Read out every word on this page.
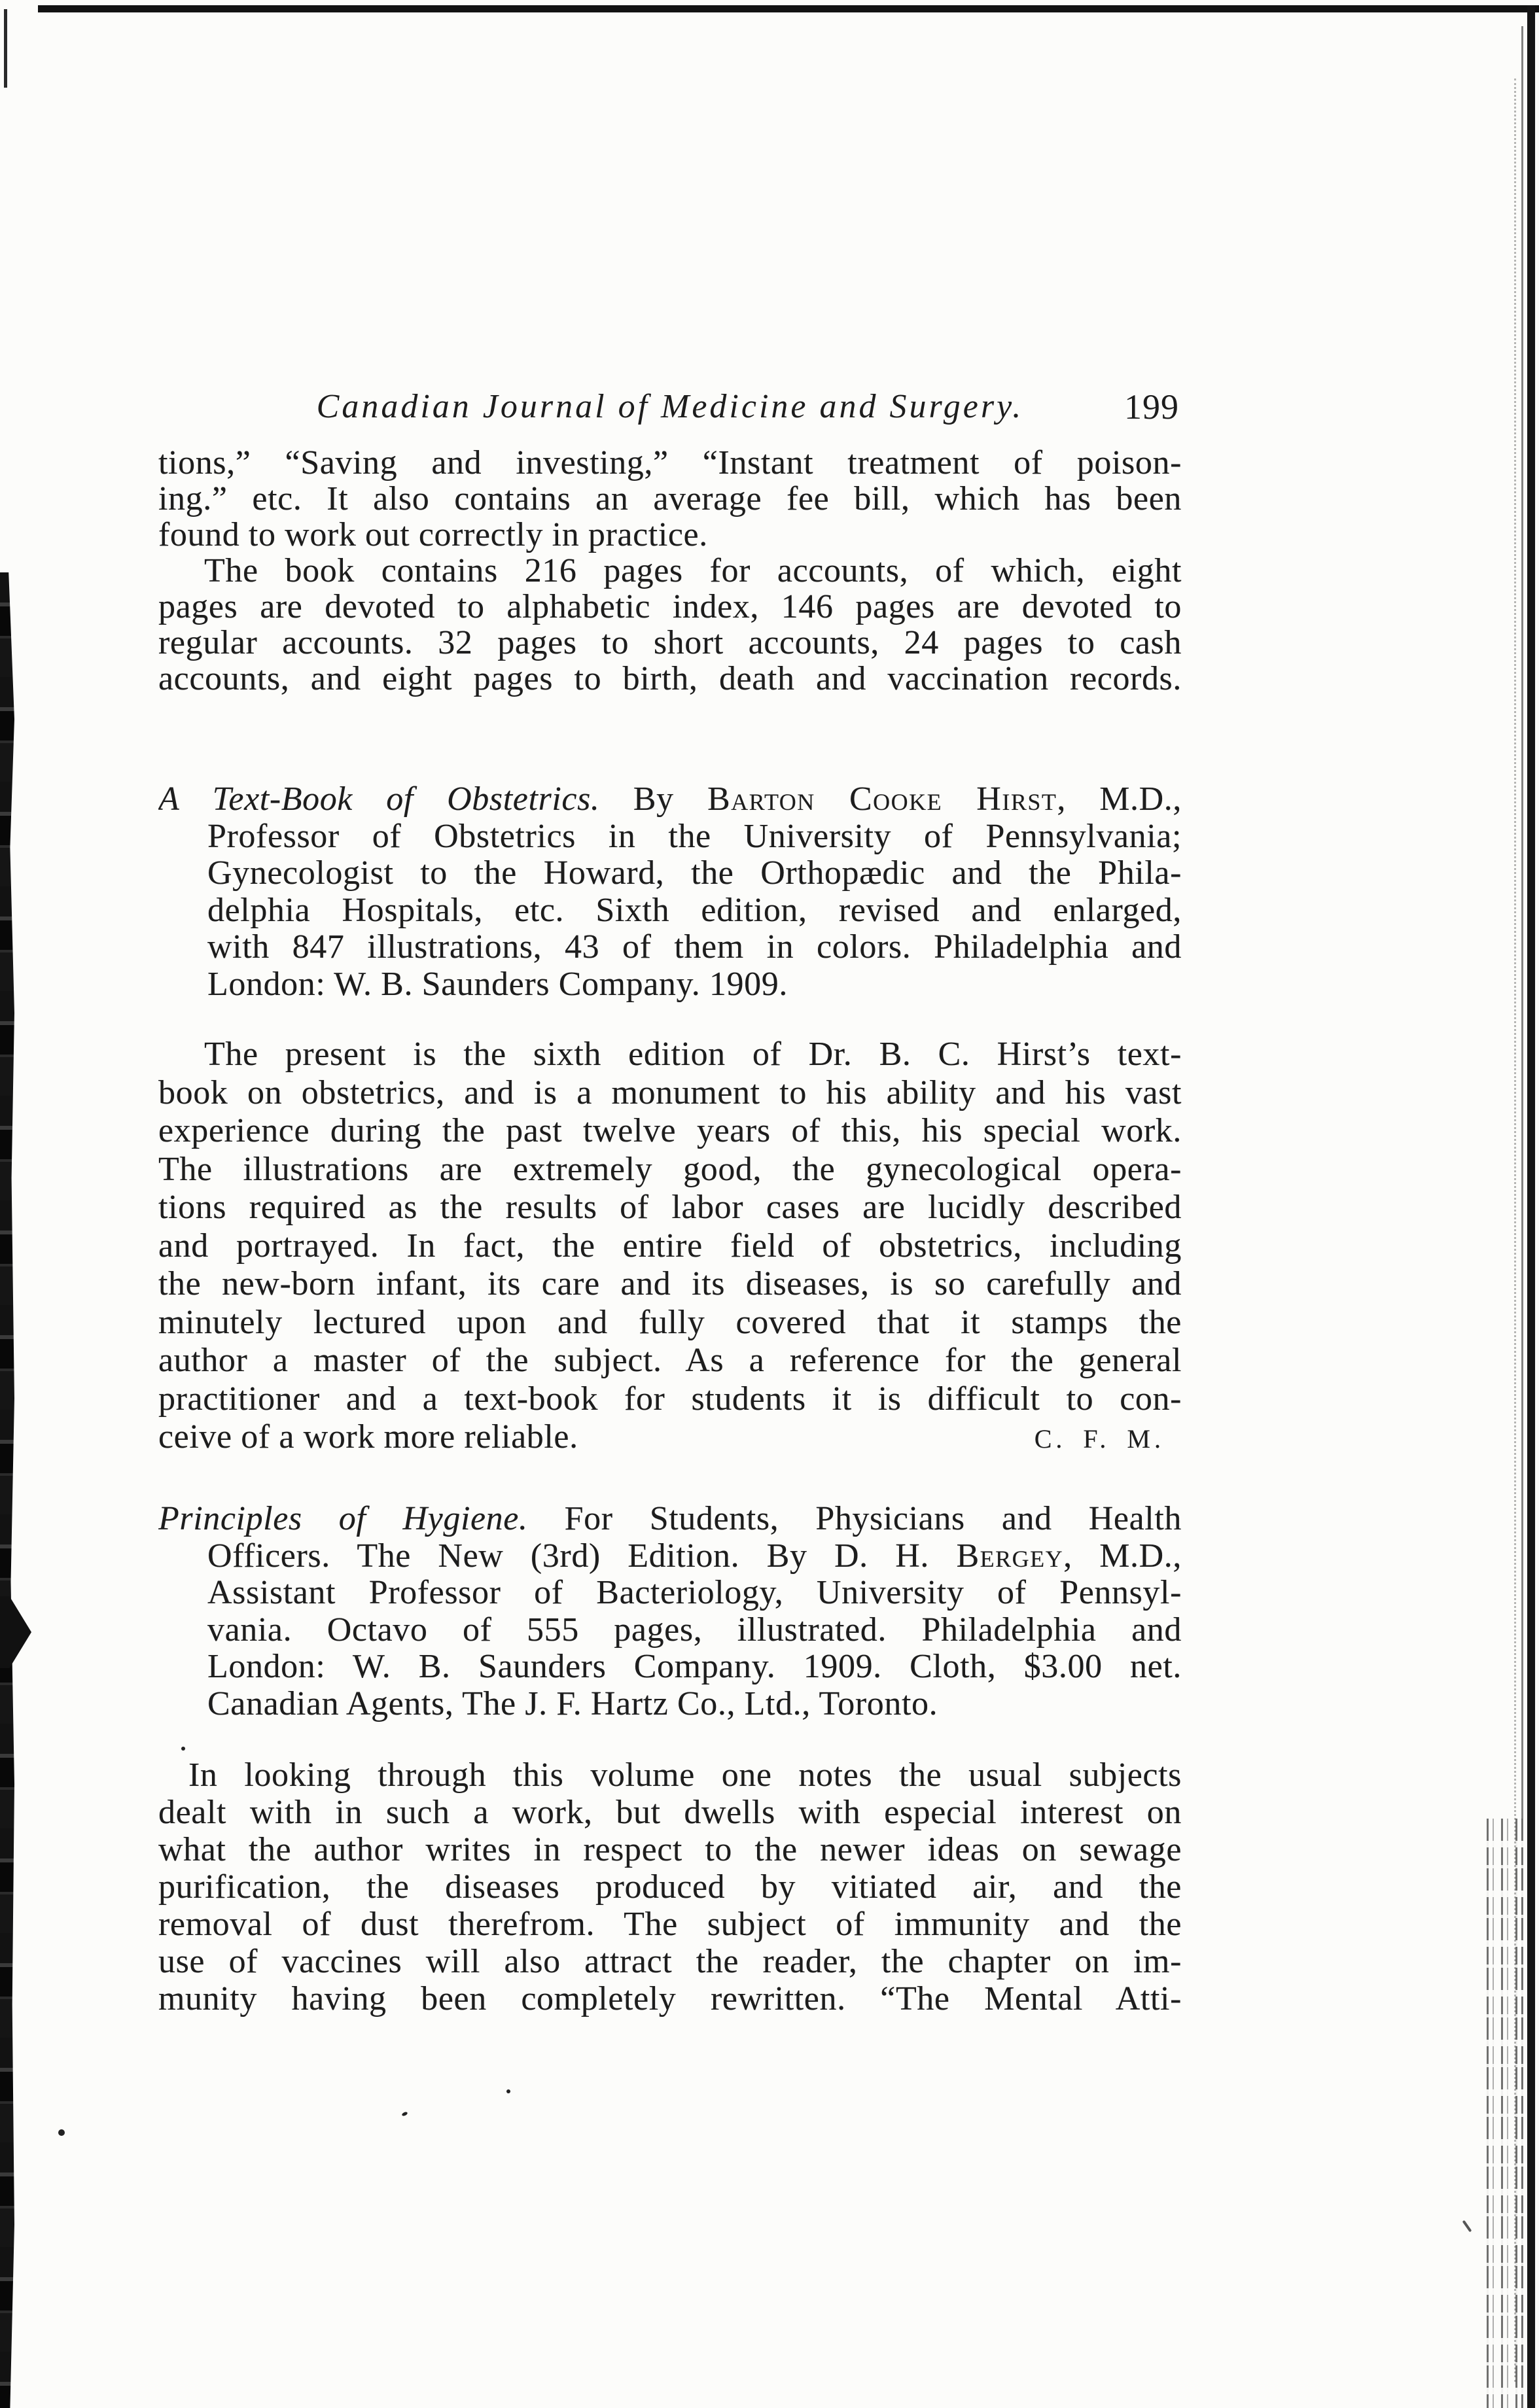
Canadian Journal of Medicine and Surgery.	199
tions,” “Saving and investing,” “Instant treatment of poison-
ing.” etc. It also contains an average fee bill, which has been
found to work out correctly in practice.
The book contains 216 pages for accounts, of which, eight
pages are devoted to alphabetic index, 146 pages are devoted to
regular accounts. 32 pages to short accounts, 24 pages to cash
accounts, and eight pages to birth, death and vaccination records.
A Text-Book of Obstetrics. By Barton Cooke Hirst, M.D.,
Professor of Obstetrics in the University of Pennsylvania;
Gynecologist to the Howard, the Orthopædic and the Phila-
delphia Hospitals, etc. Sixth edition, revised and enlarged,
with 847 illustrations, 43 of them in colors. Philadelphia and
London: W. B. Saunders Company. 1909.
The present is the sixth edition of Dr. B. C. Hirst’s text-
book on obstetrics, and is a monument to his ability and his vast
experience during the past twelve years of this, his special work.
The illustrations are extremely good, the gynecological opera-
tions required as the results of labor cases are lucidly described
and portrayed. In fact, the entire field of obstetrics, including
the new-born infant, its care and its diseases, is so carefully and
minutely lectured upon and fully covered that it stamps the
author a master of the subject. As a reference for the general
practitioner and a text-book for students it is difficult to con-
ceive of a work more reliable.	C. F. M.
Principles of Hygiene. For Students, Physicians and Health
Officers. The New (3rd) Edition. By D. H. Bergey, M.D.,
Assistant Professor of Bacteriology, University of Pennsyl-
vania. Octavo of 555 pages, illustrated. Philadelphia and
London: W. B. Saunders Company. 1909. Cloth, $3.00 net.
Canadian Agents, The J. F. Hartz Co., Ltd., Toronto.
In looking through this volume one notes the usual subjects
dealt with in such a work, but dwells with especial interest on
what the author writes in respect to the newer ideas on sewage
purification, the diseases produced by vitiated air, and the
removal of dust therefrom. The subject of immunity and the
use of vaccines will also attract the reader, the chapter on im-
munity having been completely rewritten. “The Mental Atti-
